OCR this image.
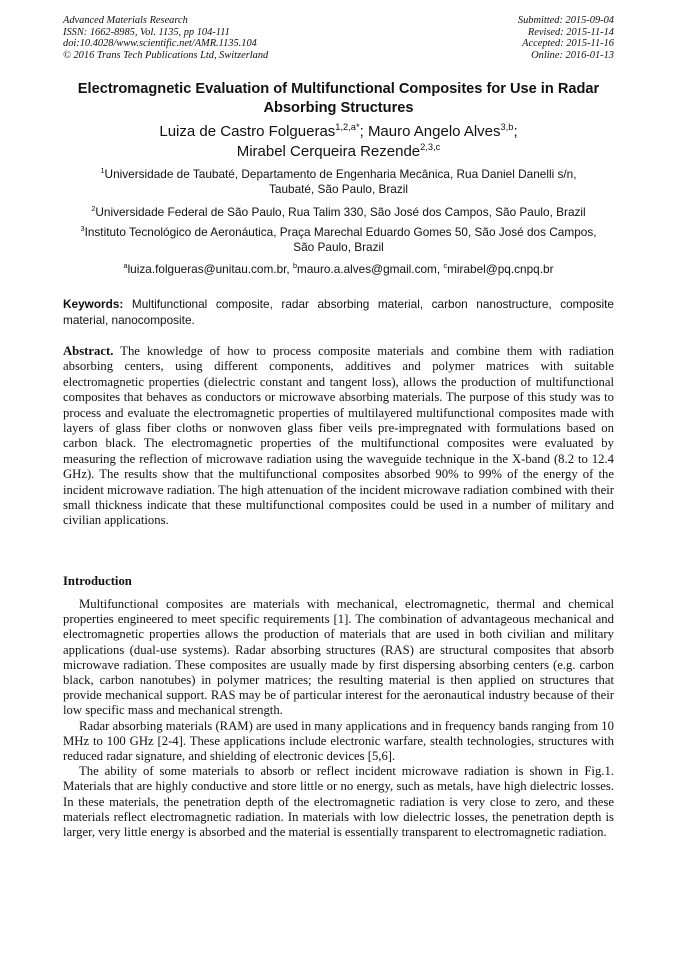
Advanced Materials Research
ISSN: 1662-8985, Vol. 1135, pp 104-111
doi:10.4028/www.scientific.net/AMR.1135.104
© 2016 Trans Tech Publications Ltd, Switzerland
Submitted: 2015-09-04
Revised: 2015-11-14
Accepted: 2015-11-16
Online: 2016-01-13
Electromagnetic Evaluation of Multifunctional Composites for Use in Radar Absorbing Structures
Luiza de Castro Folgueras$^{1,2,a*}$; Mauro Angelo Alves$^{3,b}$;
Mirabel Cerqueira Rezende$^{2,3,c}$
$^1$Universidade de Taubaté, Departamento de Engenharia Mecânica, Rua Daniel Danelli s/n, Taubaté, São Paulo, Brazil
$^2$Universidade Federal de São Paulo, Rua Talim 330, São José dos Campos, São Paulo, Brazil
$^3$Instituto Tecnológico de Aeronáutica, Praça Marechal Eduardo Gomes 50, São José dos Campos, São Paulo, Brazil
$^a$luiza.folgueras@unitau.com.br, $^b$mauro.a.alves@gmail.com, $^c$mirabel@pq.cnpq.br
Keywords: Multifunctional composite, radar absorbing material, carbon nanostructure, composite material, nanocomposite.
Abstract. The knowledge of how to process composite materials and combine them with radiation absorbing centers, using different components, additives and polymer matrices with suitable electromagnetic properties (dielectric constant and tangent loss), allows the production of multifunctional composites that behaves as conductors or microwave absorbing materials. The purpose of this study was to process and evaluate the electromagnetic properties of multilayered multifunctional composites made with layers of glass fiber cloths or nonwoven glass fiber veils pre-impregnated with formulations based on carbon black. The electromagnetic properties of the multifunctional composites were evaluated by measuring the reflection of microwave radiation using the waveguide technique in the X-band (8.2 to 12.4 GHz). The results show that the multifunctional composites absorbed 90% to 99% of the energy of the incident microwave radiation. The high attenuation of the incident microwave radiation combined with their small thickness indicate that these multifunctional composites could be used in a number of military and civilian applications.
Introduction

Multifunctional composites are materials with mechanical, electromagnetic, thermal and chemical properties engineered to meet specific requirements [1]. The combination of advantageous mechanical and electromagnetic properties allows the production of materials that are used in both civilian and military applications (dual-use systems). Radar absorbing structures (RAS) are structural composites that absorb microwave radiation. These composites are usually made by first dispersing absorbing centers (e.g. carbon black, carbon nanotubes) in polymer matrices; the resulting material is then applied on structures that provide mechanical support. RAS may be of particular interest for the aeronautical industry because of their low specific mass and mechanical strength.

Radar absorbing materials (RAM) are used in many applications and in frequency bands ranging from 10 MHz to 100 GHz [2-4]. These applications include electronic warfare, stealth technologies, structures with reduced radar signature, and shielding of electronic devices [5,6].

The ability of some materials to absorb or reflect incident microwave radiation is shown in Fig.1. Materials that are highly conductive and store little or no energy, such as metals, have high dielectric losses. In these materials, the penetration depth of the electromagnetic radiation is very close to zero, and these materials reflect electromagnetic radiation. In materials with low dielectric losses, the penetration depth is larger, very little energy is absorbed and the material is essentially transparent to electromagnetic radiation.
